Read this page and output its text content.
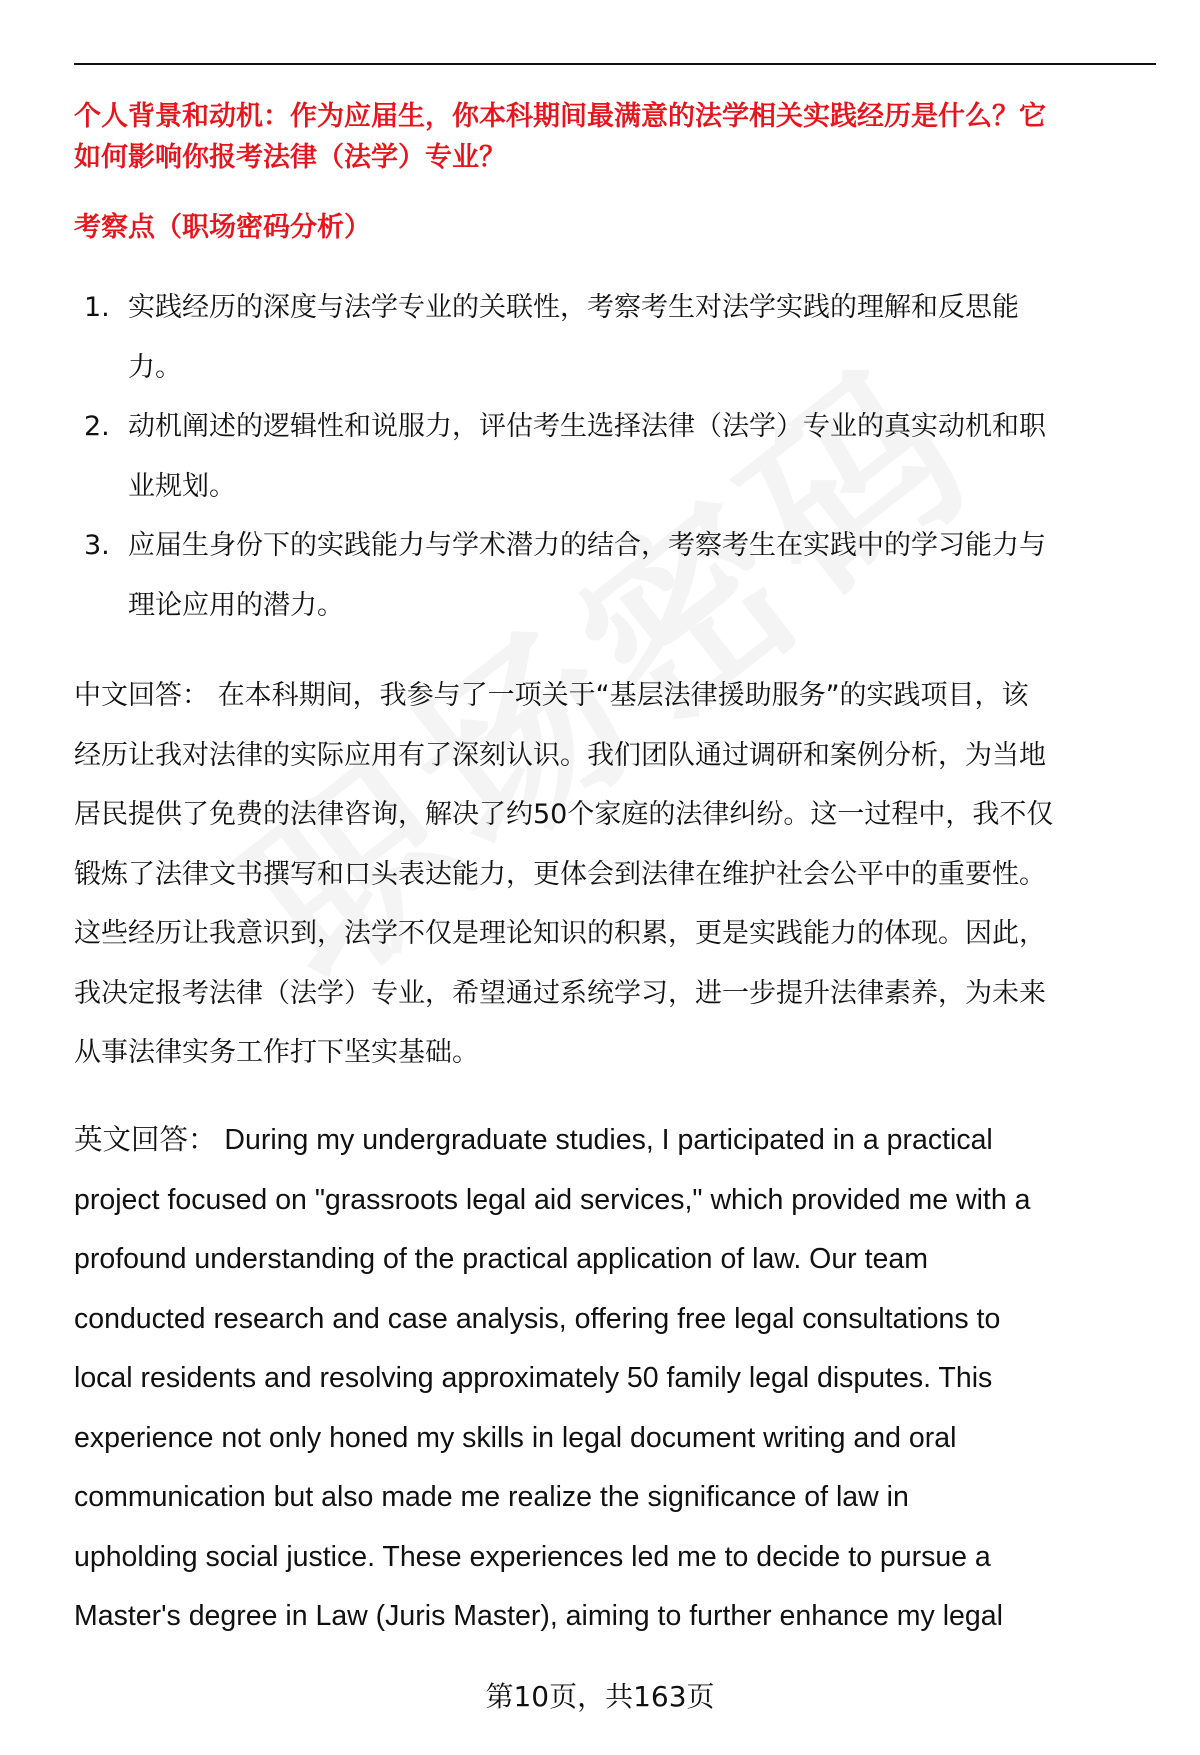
个人背景和动机：作为应届生，你本科期间最满意的法学相关实践经历是什么？它
如何影响你报考法律（法学）专业？
考察点（职场密码分析）
1. 实践经历的深度与法学专业的关联性，考察考生对法学实践的理解和反思能
力。
2. 动机阐述的逻辑性和说服力，评估考生选择法律（法学）专业的真实动机和职
业规划。
3. 应届生身份下的实践能力与学术潜力的结合，考察考生在实践中的学习能力与
理论应用的潜力。
中文回答： 在本科期间，我参与了一项关于“基层法律援助服务”的实践项目，该
经历让我对法律的实际应用有了深刻认识。我们团队通过调研和案例分析，为当地
居民提供了免费的法律咨询，解决了约50个家庭的法律纠纷。这一过程中，我不仅
锻炼了法律文书撰写和口头表达能力，更体会到法律在维护社会公平中的重要性。
这些经历让我意识到，法学不仅是理论知识的积累，更是实践能力的体现。因此，
我决定报考法律（法学）专业，希望通过系统学习，进一步提升法律素养，为未来
从事法律实务工作打下坚实基础。
英文回答： During my undergraduate studies, I participated in a practical
project focused on "grassroots legal aid services," which provided me with a
profound understanding of the practical application of law. Our team
conducted research and case analysis, offering free legal consultations to
local residents and resolving approximately 50 family legal disputes. This
experience not only honed my skills in legal document writing and oral
communication but also made me realize the significance of law in
upholding social justice. These experiences led me to decide to pursue a
Master's degree in Law (Juris Master), aiming to further enhance my legal
第10页，共163页
